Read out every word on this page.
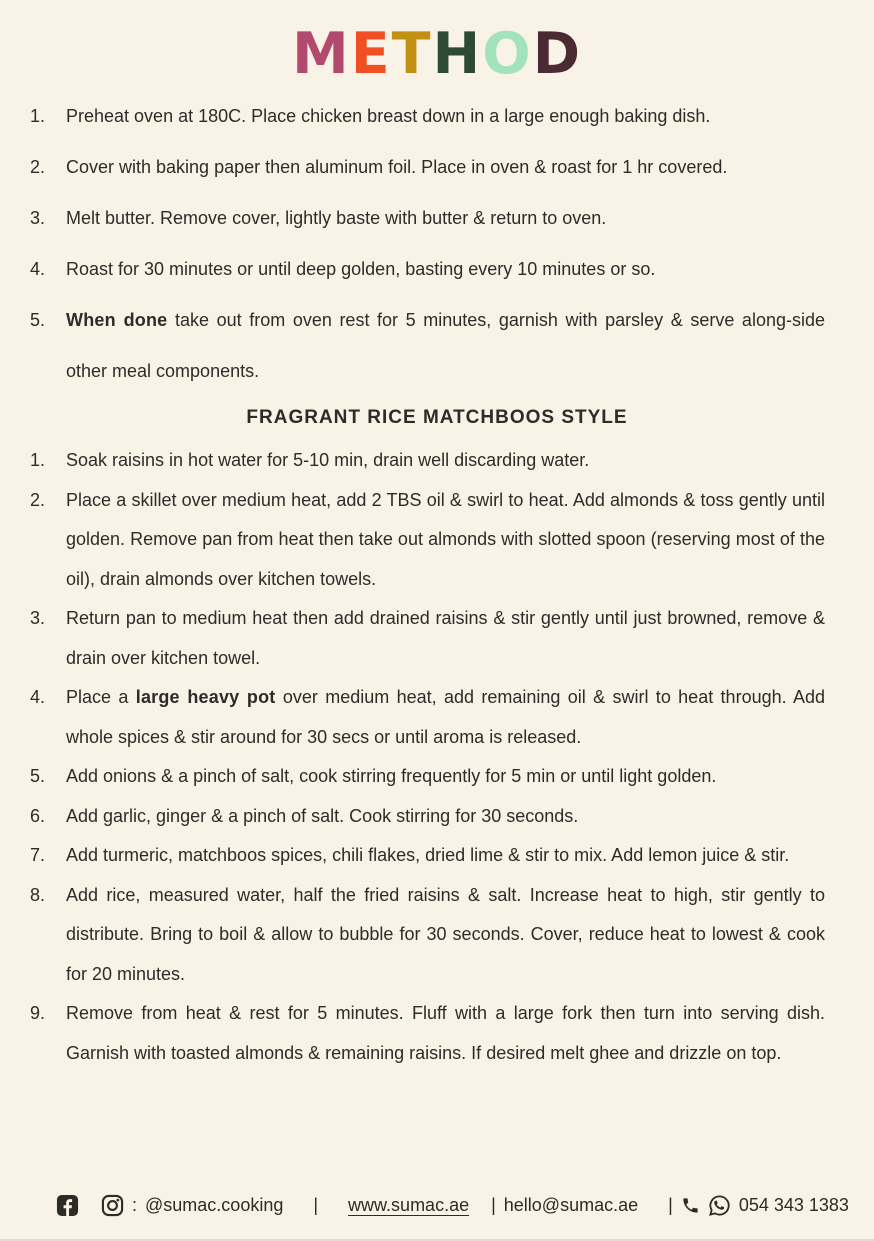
METHOD
1.	Preheat oven at 180C. Place chicken breast down in a large enough baking dish.
2.	Cover with baking paper then aluminum foil. Place in oven & roast for 1 hr covered.
3.	Melt butter. Remove cover, lightly baste with butter & return to oven.
4.	Roast for 30 minutes or until deep golden, basting every 10 minutes or so.
5.	When done take out from oven rest for 5 minutes, garnish with parsley & serve along-side other meal components.
FRAGRANT RICE MATCHBOOS STYLE
1.	Soak raisins in hot water for 5-10 min, drain well discarding water.
2.	Place a skillet over medium heat, add 2 TBS oil & swirl to heat. Add almonds & toss gently until golden. Remove pan from heat then take out almonds with slotted spoon (reserving most of the oil), drain almonds over kitchen towels.
3.	Return pan to medium heat then add drained raisins & stir gently until just browned, remove & drain over kitchen towel.
4.	Place a large heavy pot over medium heat, add remaining oil & swirl to heat through. Add whole spices & stir around for 30 secs or until aroma is released.
5.	Add onions & a pinch of salt, cook stirring frequently for 5 min or until light golden.
6.	Add garlic, ginger & a pinch of salt. Cook stirring for 30 seconds.
7.	Add turmeric, matchboos spices, chili flakes, dried lime & stir to mix. Add lemon juice & stir.
8.	Add rice, measured water, half the fried raisins & salt. Increase heat to high, stir gently to distribute. Bring to boil & allow to bubble for 30 seconds. Cover, reduce heat to lowest & cook for 20 minutes.
9.	Remove from heat & rest for 5 minutes. Fluff with a large fork then turn into serving dish. Garnish with toasted almonds & remaining raisins. If desired melt ghee and drizzle on top.
: @sumac.cooking | www.sumac.ae | hello@sumac.ae |	054 343 1383
